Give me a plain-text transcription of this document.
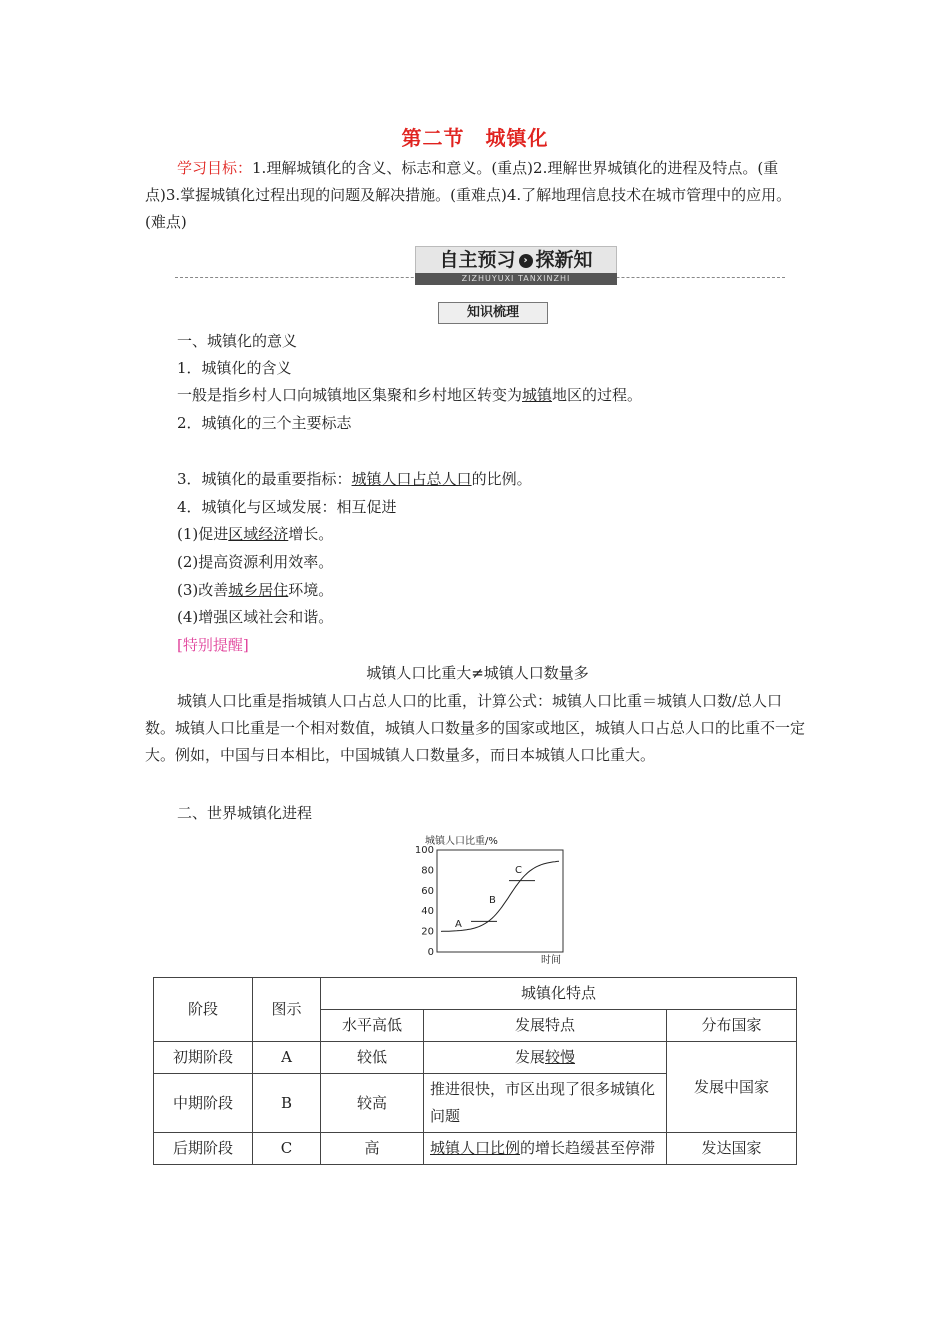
第二节　城镇化
学习目标：1.理解城镇化的含义、标志和意义。(重点)2.理解世界城镇化的进程及特点。(重点)3.掌握城镇化过程出现的问题及解决措施。(重难点)4.了解地理信息技术在城市管理中的应用。(难点)
自主预习 › 探新知
ZIZHUYUXI TANXINZHI
知识梳理
一、城镇化的意义
1．城镇化的含义
一般是指乡村人口向城镇地区集聚和乡村地区转变为城镇地区的过程。
2．城镇化的三个主要标志
3．城镇化的最重要指标：城镇人口占总人口的比例。
4．城镇化与区域发展：相互促进
(1)促进区域经济增长。
(2)提高资源利用效率。
(3)改善城乡居住环境。
(4)增强区域社会和谐。
[特别提醒]
城镇人口比重大≠城镇人口数量多
城镇人口比重是指城镇人口占总人口的比重，计算公式：城镇人口比重＝城镇人口数/总人口数。城镇人口比重是一个相对数值，城镇人口数量多的国家或地区，城镇人口占总人口的比重不一定大。例如，中国与日本相比，中国城镇人口数量多，而日本城镇人口比重大。
二、世界城镇化进程
城镇人口比重/%
时间
100
80
60
40
20
0
A
B
C
阶段	图示	城镇化特点		
		水平高低	发展特点	分布国家
初期阶段	A	较低	发展较慢	发展中国家
中期阶段	B	较高	推进很快，市区出现了很多城镇化问题	
后期阶段	C	高	城镇人口比例的增长趋缓甚至停滞	发达国家
